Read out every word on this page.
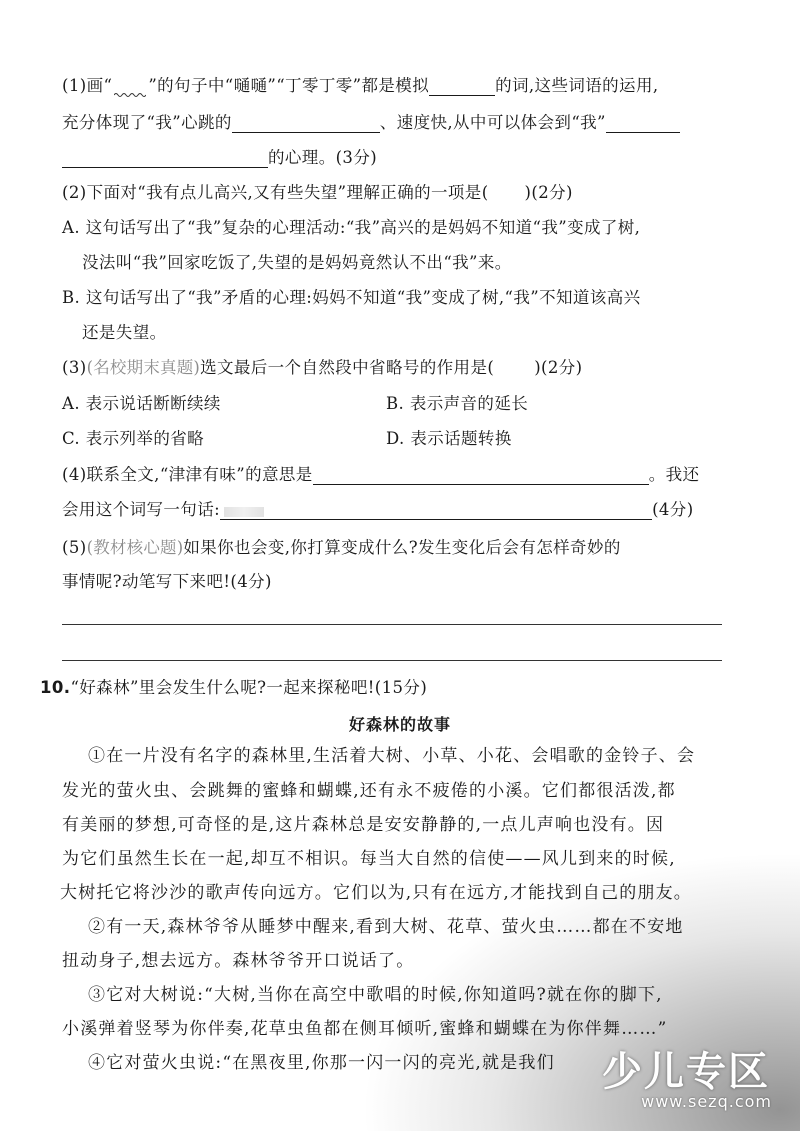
(1)画“ ”的句子中“嗵嗵”“丁零丁零”都是模拟	的词,这些词语的运用,
充分体现了“我”心跳的	、速度快,从中可以体会到“我”
的心理。(3分)
(2)下面对“我有点儿高兴,又有些失望”理解正确的一项是( )(2分)
A. 这句话写出了“我”复杂的心理活动:“我”高兴的是妈妈不知道“我”变成了树,
没法叫“我”回家吃饭了,失望的是妈妈竟然认不出“我”来。
B. 这句话写出了“我”矛盾的心理:妈妈不知道“我”变成了树,“我”不知道该高兴
还是失望。
(3)(名校期末真题)选文最后一个自然段中省略号的作用是( )(2分)
A. 表示说话断断续续	B. 表示声音的延长
C. 表示列举的省略	D. 表示话题转换
(4)联系全文,“津津有味”的意思是	。我还
会用这个词写一句话:	(4分)
(5)(教材核心题)如果你也会变,你打算变成什么?发生变化后会有怎样奇妙的
事情呢?动笔写下来吧!(4分)
10.“好森林”里会发生什么呢?一起来探秘吧!(15分)
好森林的故事
①在一片没有名字的森林里,生活着大树、小草、小花、会唱歌的金铃子、会
发光的萤火虫、会跳舞的蜜蜂和蝴蝶,还有永不疲倦的小溪。它们都很活泼,都
有美丽的梦想,可奇怪的是,这片森林总是安安静静的,一点儿声响也没有。因
为它们虽然生长在一起,却互不相识。每当大自然的信使——风儿到来的时候,
大树托它将沙沙的歌声传向远方。它们以为,只有在远方,才能找到自己的朋友。
②有一天,森林爷爷从睡梦中醒来,看到大树、花草、萤火虫……都在不安地
扭动身子,想去远方。森林爷爷开口说话了。
③它对大树说:“大树,当你在高空中歌唱的时候,你知道吗?就在你的脚下,
小溪弹着竖琴为你伴奏,花草虫鱼都在侧耳倾听,蜜蜂和蝴蝶在为你伴舞……”
④它对萤火虫说:“在黑夜里,你那一闪一闪的亮光,就是我们 少儿专区
www.sezq.com
